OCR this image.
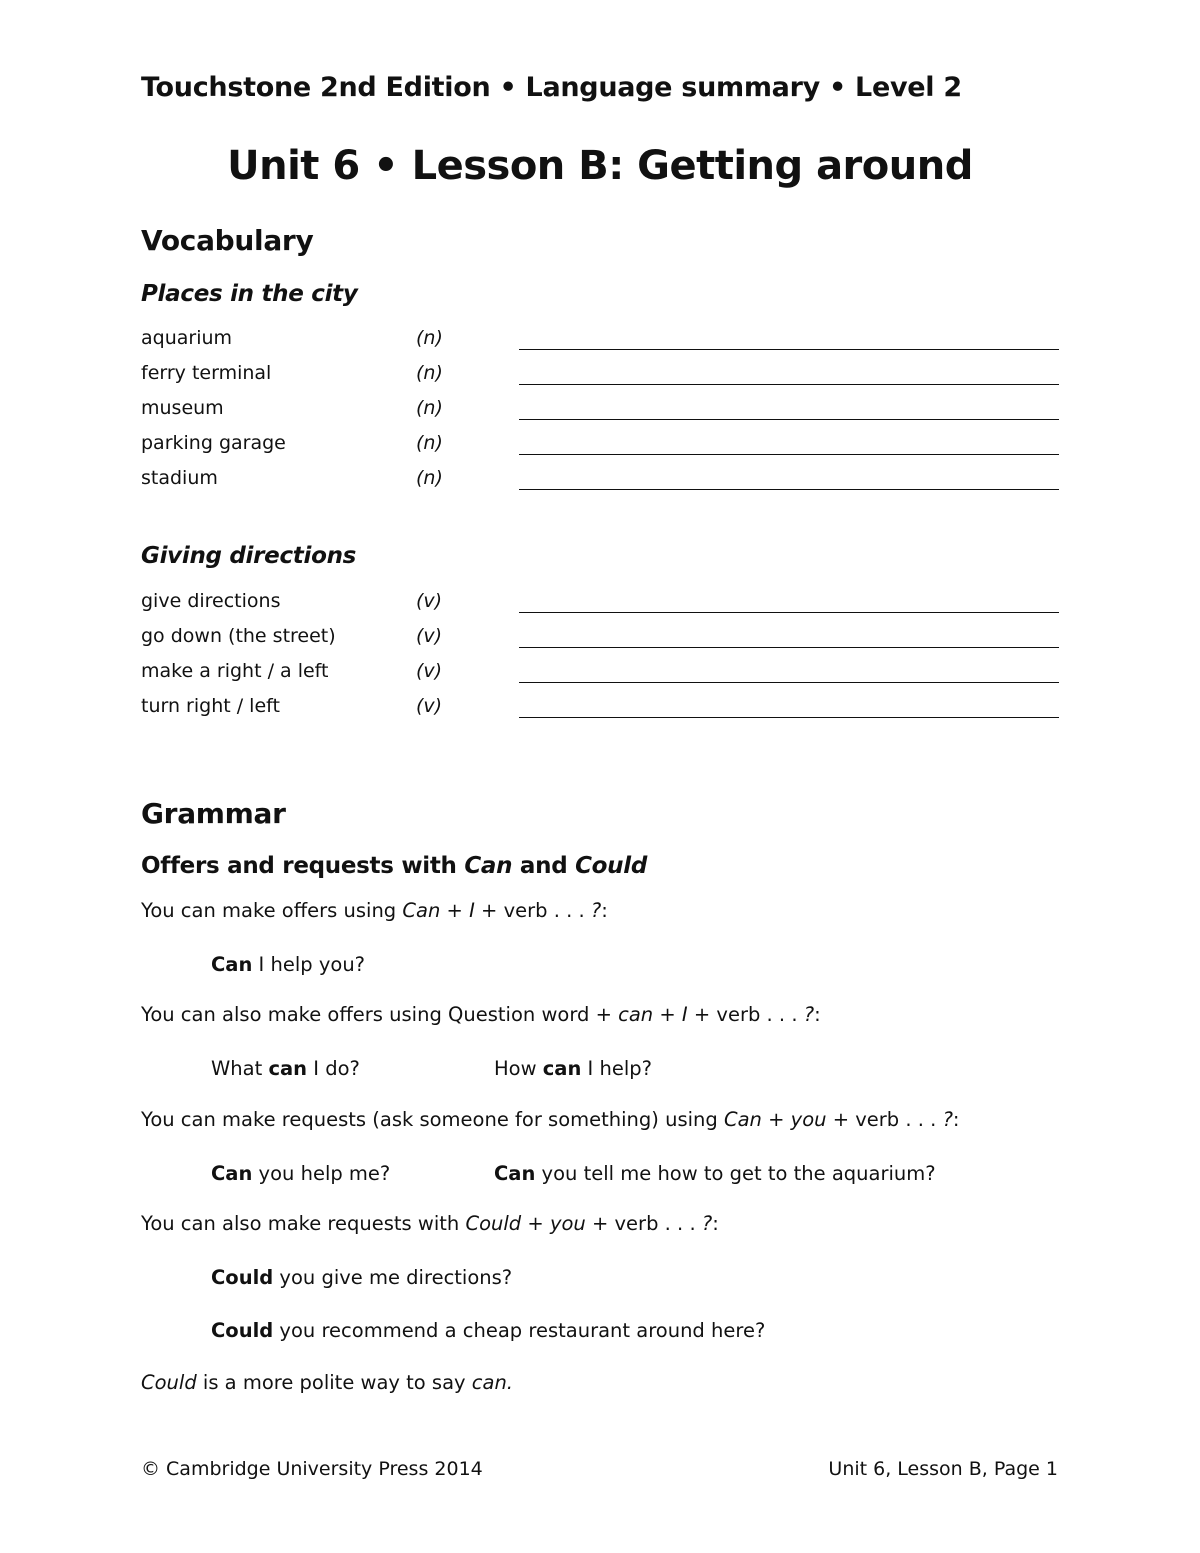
Touchstone 2nd Edition • Language summary • Level 2
Unit 6 • Lesson B: Getting around
Vocabulary
Places in the city
aquarium	(n)
ferry terminal	(n)
museum	(n)
parking garage	(n)
stadium	(n)
Giving directions
give directions	(v)
go down (the street)	(v)
make a right / a left	(v)
turn right / left	(v)
Grammar
Offers and requests with Can and Could
You can make offers using Can + I + verb . . . ?:
Can I help you?
You can also make offers using Question word + can + I + verb . . . ?:
What can I do?	How can I help?
You can make requests (ask someone for something) using Can + you + verb . . . ?:
Can you help me?	Can you tell me how to get to the aquarium?
You can also make requests with Could + you + verb . . . ?:
Could you give me directions?
Could you recommend a cheap restaurant around here?
Could is a more polite way to say can.
© Cambridge University Press 2014	Unit 6, Lesson B, Page 1
